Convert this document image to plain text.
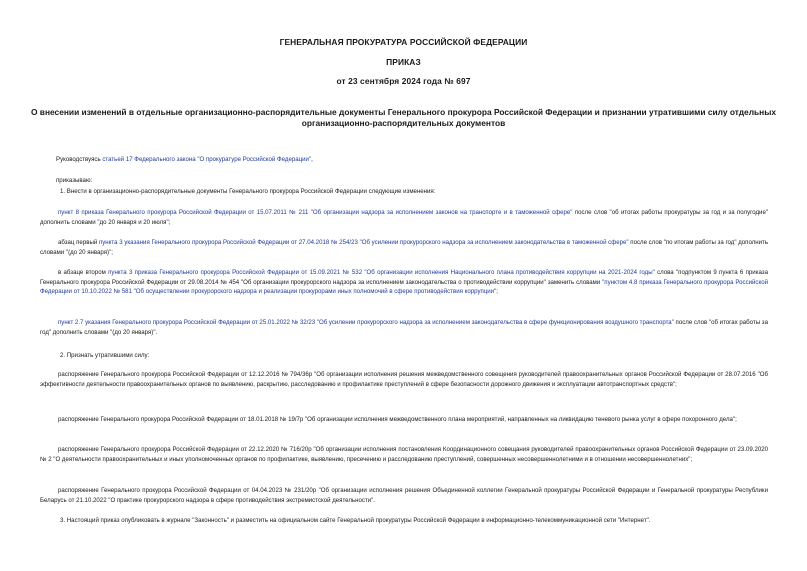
ГЕНЕРАЛЬНАЯ ПРОКУРАТУРА РОССИЙСКОЙ ФЕДЕРАЦИИ
ПРИКАЗ
от 23 сентября 2024 года № 697
О внесении изменений в отдельные организационно-распорядительные документы Генерального прокурора Российской Федерации и признании утратившими силу отдельных организационно-распорядительных документов
Руководствуясь статьей 17 Федерального закона "О прокуратуре Российской Федерации",
приказываю:
1. Внести в организационно-распорядительные документы Генерального прокурора Российской Федерации следующие изменения:
пункт 8 приказа Генерального прокурора Российской Федерации от 15.07.2011 № 211 "Об организации надзора за исполнением законов на транспорте и в таможенной сфере" после слов "об итогах работы прокуратуры за год и за полугодие" дополнить словами "до 20 января и 20 июля";
абзац первый пункта 3 указания Генерального прокурора Российской Федерации от 27.04.2018 № 254/23 "Об усилении прокурорского надзора за исполнением законодательства в таможенной сфере" после слов "по итогам работы за год" дополнить словами "(до 20 января)";
в абзаце втором пункта 3 приказа Генерального прокурора Российской Федерации от 15.09.2021 № 532 "Об организации исполнения Национального плана противодействия коррупции на 2021-2024 годы" слова "подпунктом 9 пункта 6 приказа Генерального прокурора Российской Федерации от 29.08.2014 № 454 "Об организации прокурорского надзора за исполнением законодательства о противодействии коррупции" заменить словами "пунктом 4.8 приказа Генерального прокурора Российской Федерации от 10.10.2022 № 581 "Об осуществлении прокурорского надзора и реализации прокурорами иных полномочий в сфере противодействия коррупции";
пункт 2.7 указания Генерального прокурора Российской Федерации от 25.01.2022 № 32/23 "Об усилении прокурорского надзора за исполнением законодательства в сфере функционирования воздушного транспорта" после слов "об итогах работы за год" дополнить словами "(до 20 января)".
2. Признать утратившими силу:
распоряжение Генерального прокурора Российской Федерации от 12.12.2016 № 794/36р "Об организации исполнения решения межведомственного совещения руководителей правоохранительных органов Российской Федерации от 28.07.2016 "Об эффективности деятельности правоохранительных органов по выявлению, раскрытию, расследованию и профилактике преступлений в сфере безопасности дорожного движения и эксплуатации автотранспортных средств";
распоряжение Генерального прокурора Российской Федерации от 18.01.2018 № 19/7р "Об организации исполнения межведомственного плана мероприятий, направленных на ликвидацию теневого рынка услуг в сфере похоронного дела";
распоряжение Генерального прокурора Российской Федерации от 22.12.2020 № 716/20р "Об организации исполнения постановления Координационного совещания руководителей правоохранительных органов Российской Федерации от 23.09.2020 № 2 "О деятельности правоохранительных и иных уполномоченных органов по профилактике, выявлению, пресечению и расследованию преступлений, совершенных несовершеннолетними и в отношении несовершеннолетних";
распоряжение Генерального прокурора Российской Федерации от 04.04.2023 № 231/20р "Об организации исполнения решения Объединенной коллегии Генеральной прокуратуры Российской Федерации и Генеральной прокуратуры Республики Беларусь от 21.10.2022 "О практике прокурорского надзора в сфере противодействия экстремистской деятельности".
3. Настоящий приказ опубликовать в журнале "Законность" и разместить на официальном сайте Генеральной прокуратуры Российской Федерации в информационно-телекоммуникационной сети "Интернет".
